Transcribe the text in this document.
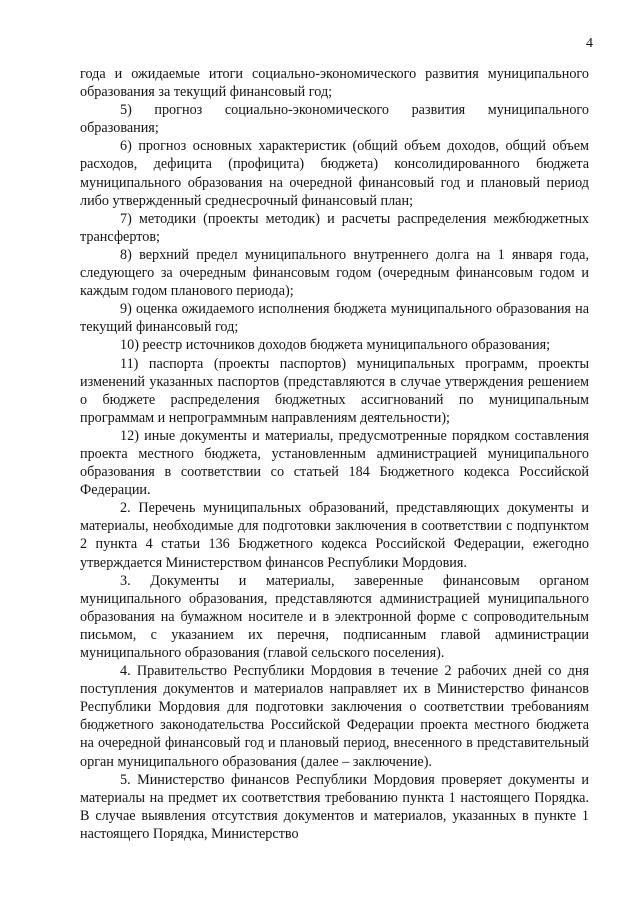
4

года и ожидаемые итоги социально-экономического развития муниципального образования за текущий финансовый год;

5) прогноз социально-экономического развития муниципального образования;

6) прогноз основных характеристик (общий объем доходов, общий объем расходов, дефицита (профицита) бюджета) консолидированного бюджета муниципального образования на очередной финансовый год и плановый период либо утвержденный среднесрочный финансовый план;

7) методики (проекты методик) и расчеты распределения межбюджетных трансфертов;

8) верхний предел муниципального внутреннего долга на 1 января года, следующего за очередным финансовым годом (очередным финансовым годом и каждым годом планового периода);

9) оценка ожидаемого исполнения бюджета муниципального образования на текущий финансовый год;

10) реестр источников доходов бюджета муниципального образования;

11) паспорта (проекты паспортов) муниципальных программ, проекты изменений указанных паспортов (представляются в случае утверждения решением о бюджете распределения бюджетных ассигнований по муниципальным программам и непрограммным направлениям деятельности);

12) иные документы и материалы, предусмотренные порядком составления проекта местного бюджета, установленным администрацией муниципального образования в соответствии со статьей 184 Бюджетного кодекса Российской Федерации.

2. Перечень муниципальных образований, представляющих документы и материалы, необходимые для подготовки заключения в соответствии с подпунктом 2 пункта 4 статьи 136 Бюджетного кодекса Российской Федерации, ежегодно утверждается Министерством финансов Республики Мордовия.

3. Документы и материалы, заверенные финансовым органом муниципального образования, представляются администрацией муниципального образования на бумажном носителе и в электронной форме с сопроводительным письмом, с указанием их перечня, подписанным главой администрации муниципального образования (главой сельского поселения).

4. Правительство Республики Мордовия в течение 2 рабочих дней со дня поступления документов и материалов направляет их в Министерство финансов Республики Мордовия для подготовки заключения о соответствии требованиям бюджетного законодательства Российской Федерации проекта местного бюджета на очередной финансовый год и плановый период, внесенного в представительный орган муниципального образования (далее – заключение).

5. Министерство финансов Республики Мордовия проверяет документы и материалы на предмет их соответствия требованию пункта 1 настоящего Порядка. В случае выявления отсутствия документов и материалов, указанных в пункте 1 настоящего Порядка, Министерство
